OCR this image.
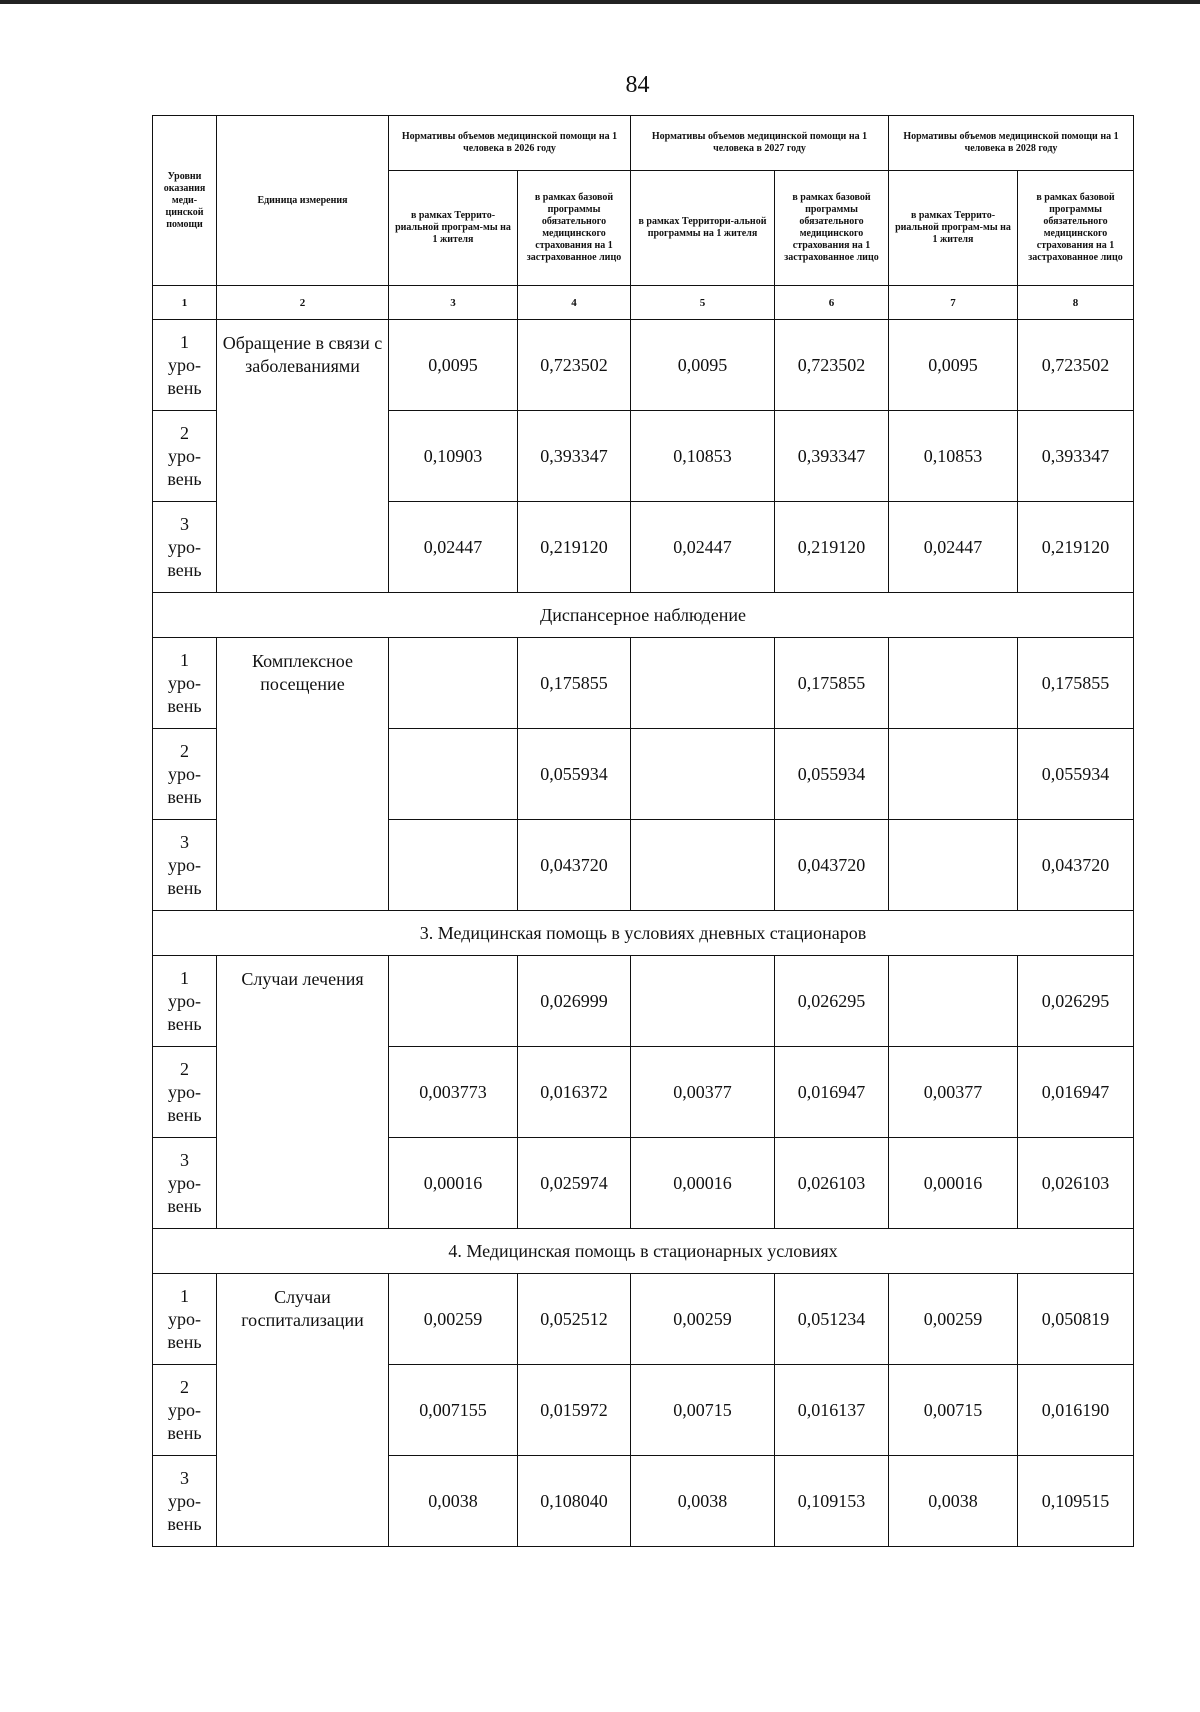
84
Уровни оказания меди-цинской помощи	Единица измерения	Нормативы объемов медицинской помощи на 1 человека в 2026 году		Нормативы объемов медицинской помощи на 1 человека в 2027 году		Нормативы объемов медицинской помощи на 1 человека в 2028 году	
		в рамках Террито-риальной програм-мы на 1 жителя	в рамках базовой программы обязательного медицинского страхования на 1 застрахованное лицо	в рамках Территори-альной программы на 1 жителя	в рамках базовой программы обязательного медицинского страхования на 1 застрахованное лицо	в рамках Террито-риальной програм-мы на 1 жителя	в рамках базовой программы обязательного медицинского страхования на 1 застрахованное лицо
1	2	3	4	5	6	7	8

1
уро-
вень	Обращение в связи с заболеваниями	0,0095	0,723502	0,0095	0,723502	0,0095	0,723502

2
уро-
вень		0,10903	0,393347	0,10853	0,393347	0,10853	0,393347

3
уро-
вень		0,02447	0,219120	0,02447	0,219120	0,02447	0,219120
Диспансерное наблюдение							

1
уро-
вень	Комплексное посещение		0,175855		0,175855		0,175855

2
уро-
вень			0,055934		0,055934		0,055934

3
уро-
вень			0,043720		0,043720		0,043720
3. Медицинская помощь в условиях дневных стационаров							

1
уро-
вень	Случаи лечения		0,026999		0,026295		0,026295

2
уро-
вень		0,003773	0,016372	0,00377	0,016947	0,00377	0,016947

3
уро-
вень		0,00016	0,025974	0,00016	0,026103	0,00016	0,026103
4. Медицинская помощь в стационарных условиях							

1
уро-
вень	Случаи госпитализации	0,00259	0,052512	0,00259	0,051234	0,00259	0,050819

2
уро-
вень		0,007155	0,015972	0,00715	0,016137	0,00715	0,016190

3
уро-
вень		0,0038	0,108040	0,0038	0,109153	0,0038	0,109515
